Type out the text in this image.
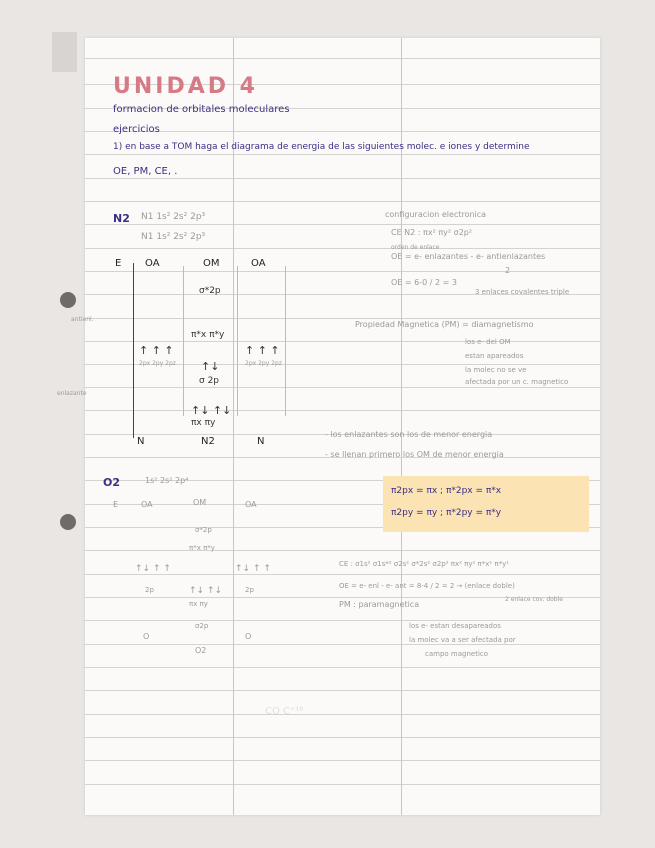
UNIDAD 4
formacion de orbitales moleculares
ejercicios
1) en base a TOM haga el diagrama de energia de las siguientes molec. e iones y determine
OE, PM, CE, .
N2 N1 1s² 2s² 2p³
N1 1s² 2s² 2p³
E OA	OM	OA
σ*2p
π*x π*y
↑ ↑ ↑
2px 2py 2pz
↑ ↑ ↑
2px 2py 2pz
↑↓
σ 2p
↑↓ ↑↓
πx πy
N	N2	N
antienl.
enlazante
configuracion electronica
CE N2 : πx² πy² σ2p²
orden de enlace
OE = e- enlazantes - e- antienlazantes
2
OE = 6-0 / 2 = 3
3 enlaces covalentes triple
Propiedad Magnetica (PM) = diamagnetismo
los e- del OM
estan apareados
la molec no se ve
afectada por un c. magnetico
- los enlazantes son los de menor energia
- se llenan primero los OM de menor energia
O2	1s² 2s² 2p⁴
E	OA	OM	OA
σ*2p
π*x π*y
↑↓ ↑ ↑
2p
↑↓ ↑ ↑
2p
↑↓ ↑↓
πx πy
σ2p
O	O
O2
π2px = πx ; π*2px = π*x
π2py = πy ; π*2py = π*y
CE : σ1s² σ1s*² σ2s² σ*2s² σ2p² πx² πy² π*x¹ π*y¹
OE = e- enl - e- ant = 8-4 / 2 = 2 → (enlace doble)
2 enlace cov. doble
PM : paramagnetica
los e- estan desapareados
la molec va a ser afectada por
campo magnetico
CO C⁺¹⁸
